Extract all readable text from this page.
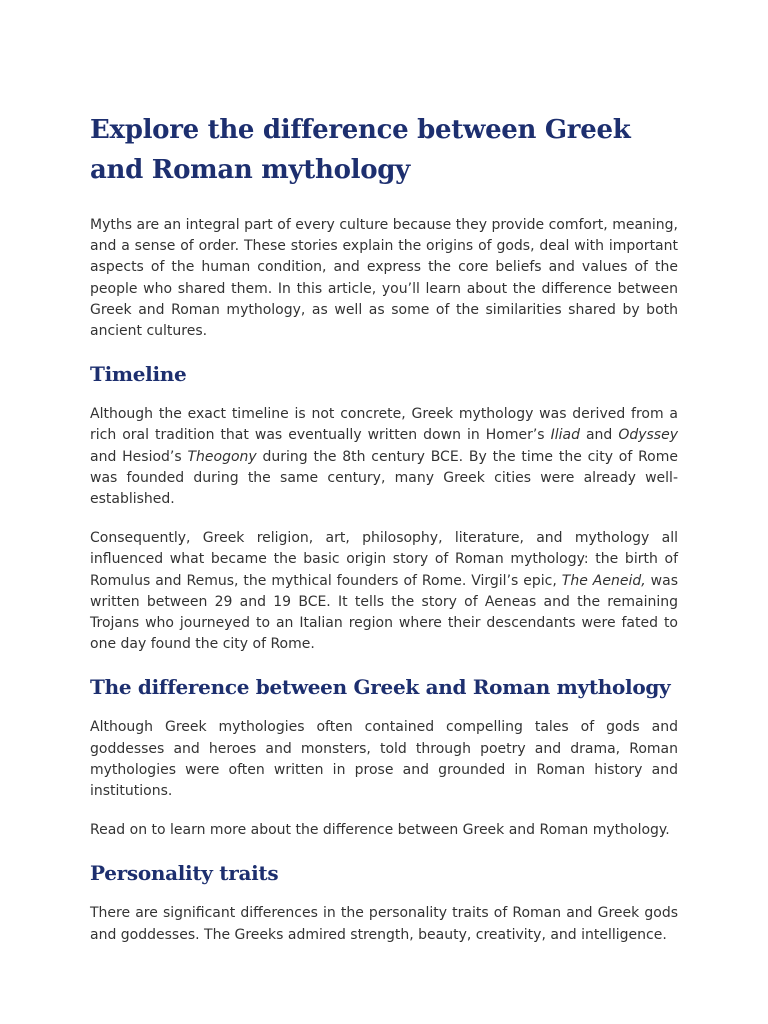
Explore the difference between Greek and Roman mythology

Myths are an integral part of every culture because they provide comfort, meaning, and a sense of order. These stories explain the origins of gods, deal with important aspects of the human condition, and express the core beliefs and values of the people who shared them. In this article, you’ll learn about the difference between Greek and Roman mythology, as well as some of the similarities shared by both ancient cultures.

Timeline

Although the exact timeline is not concrete, Greek mythology was derived from a rich oral tradition that was eventually written down in Homer’s Iliad and Odyssey and Hesiod’s Theogony during the 8th century BCE. By the time the city of Rome was founded during the same century, many Greek cities were already well-established.

Consequently, Greek religion, art, philosophy, literature, and mythology all influenced what became the basic origin story of Roman mythology: the birth of Romulus and Remus, the mythical founders of Rome. Virgil’s epic, The Aeneid, was written between 29 and 19 BCE. It tells the story of Aeneas and the remaining Trojans who journeyed to an Italian region where their descendants were fated to one day found the city of Rome.

The difference between Greek and Roman mythology

Although Greek mythologies often contained compelling tales of gods and goddesses and heroes and monsters, told through poetry and drama, Roman mythologies were often written in prose and grounded in Roman history and institutions.

Read on to learn more about the difference between Greek and Roman mythology.

Personality traits

There are significant differences in the personality traits of Roman and Greek gods and goddesses. The Greeks admired strength, beauty, creativity, and intelligence.
